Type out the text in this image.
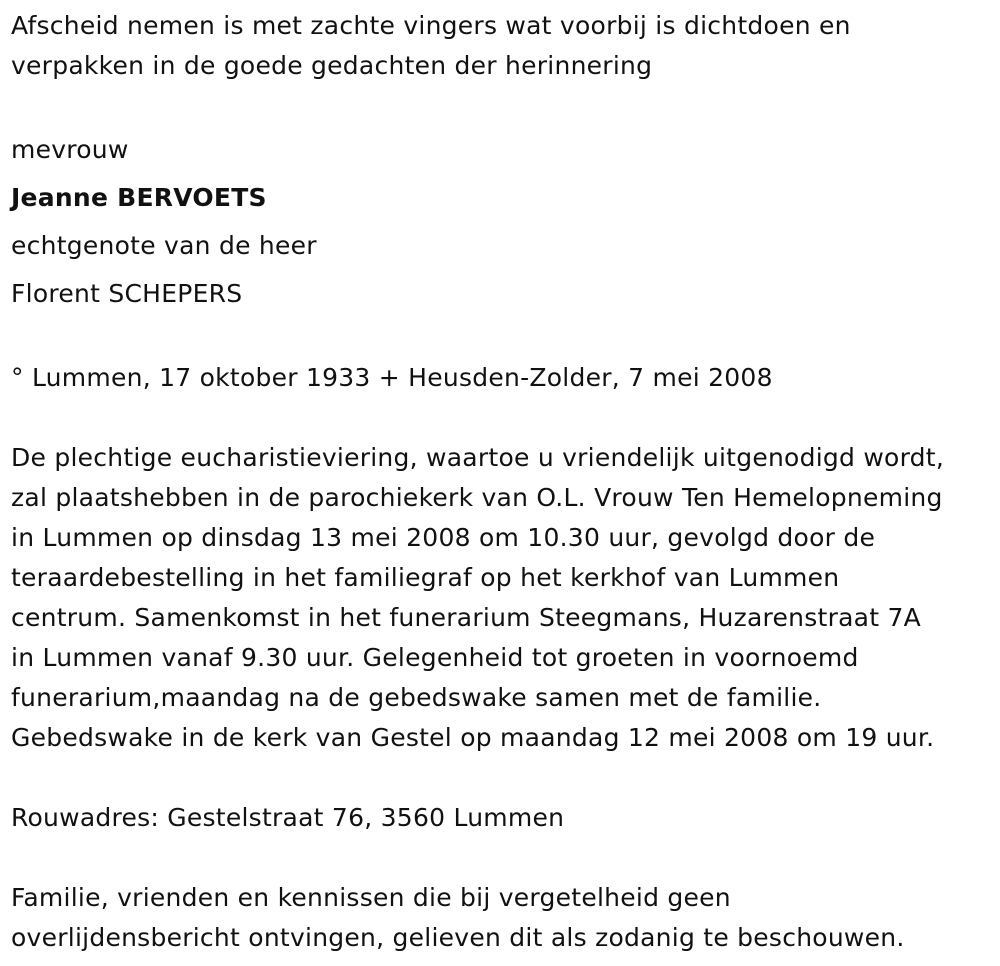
Afscheid nemen is met zachte vingers wat voorbij is dichtdoen en
verpakken in de goede gedachten der herinnering
mevrouw
Jeanne BERVOETS
echtgenote van de heer
Florent SCHEPERS
° Lummen, 17 oktober 1933 + Heusden-Zolder, 7 mei 2008
De plechtige eucharistieviering, waartoe u vriendelijk uitgenodigd wordt,
zal plaatshebben in de parochiekerk van O.L. Vrouw Ten Hemelopneming
in Lummen op dinsdag 13 mei 2008 om 10.30 uur, gevolgd door de
teraardebestelling in het familiegraf op het kerkhof van Lummen
centrum. Samenkomst in het funerarium Steegmans, Huzarenstraat 7A
in Lummen vanaf 9.30 uur. Gelegenheid tot groeten in voornoemd
funerarium,maandag na de gebedswake samen met de familie.
Gebedswake in de kerk van Gestel op maandag 12 mei 2008 om 19 uur.
Rouwadres: Gestelstraat 76, 3560 Lummen
Familie, vrienden en kennissen die bij vergetelheid geen
overlijdensbericht ontvingen, gelieven dit als zodanig te beschouwen.
